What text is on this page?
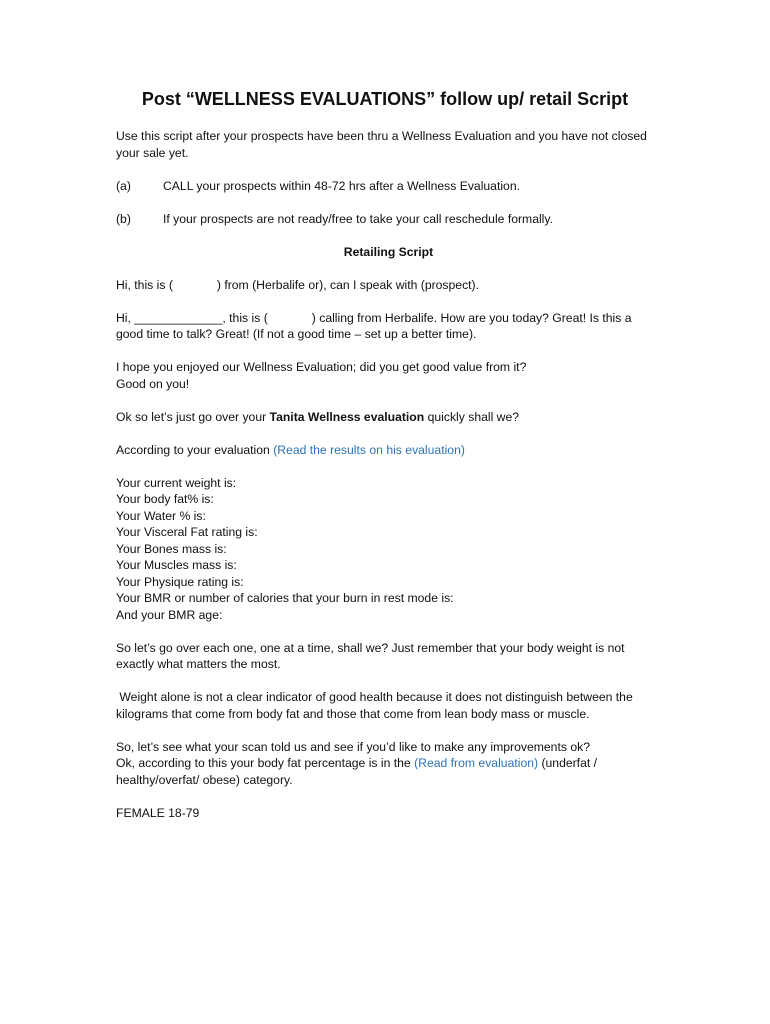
Post “WELLNESS EVALUATIONS” follow up/ retail Script

Use this script after your prospects have been thru a Wellness Evaluation and you have not closed your sale yet.

(a)	CALL your prospects within 48-72 hrs after a Wellness Evaluation.

(b)	If your prospects are not ready/free to take your call reschedule formally.

Retailing Script

Hi, this is (	) from (Herbalife or), can I speak with (prospect).

Hi, _____________, this is (	) calling from Herbalife. How are you today? Great! Is this a good time to talk? Great! (If not a good time – set up a better time).

I hope you enjoyed our Wellness Evaluation; did you get good value from it?
Good on you!

Ok so let’s just go over your Tanita Wellness evaluation quickly shall we?

According to your evaluation (Read the results on his evaluation)

Your current weight is:
Your body fat% is:
Your Water % is:
Your Visceral Fat rating is:
Your Bones mass is:
Your Muscles mass is:
Your Physique rating is:
Your BMR or number of calories that your burn in rest mode is:
And your BMR age:

So let’s go over each one, one at a time, shall we? Just remember that your body weight is not exactly what matters the most.

Weight alone is not a clear indicator of good health because it does not distinguish between the kilograms that come from body fat and those that come from lean body mass or muscle.

So, let’s see what your scan told us and see if you’d like to make any improvements ok?
Ok, according to this your body fat percentage is in the (Read from evaluation) (underfat / healthy/overfat/ obese) category.

FEMALE 18-79
